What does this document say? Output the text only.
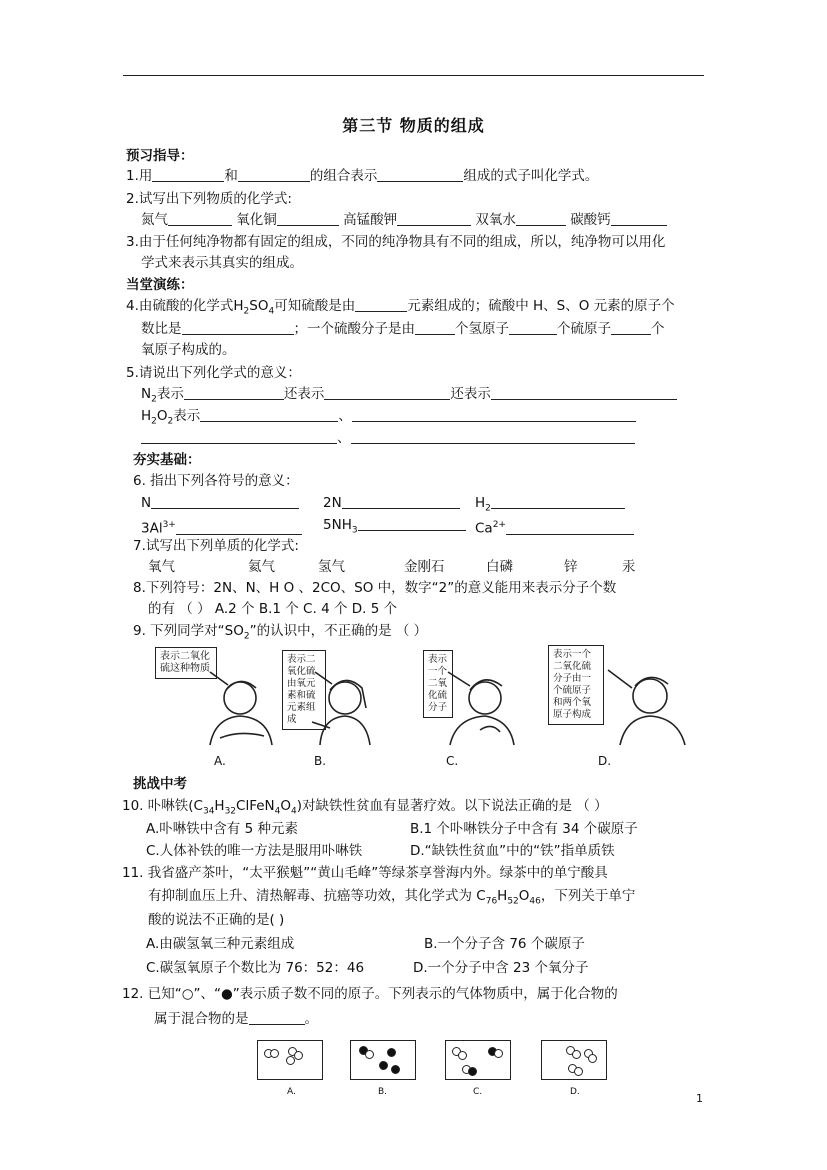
第三节 物质的组成
预习指导：
1.用	和	的组合表示	组成的式子叫化学式。
2.试写出下列物质的化学式:
氮气	氧化铜	高锰酸钾	双氧水	碳酸钙
3.由于任何纯净物都有固定的组成，不同的纯净物具有不同的组成，所以，纯净物可以用化
学式来表示其真实的组成。
当堂演练：
4.由硫酸的化学式$H_2SO_4$可知硫酸是由	元素组成的；硫酸中 H、S、O 元素的原子个
数比是	；一个硫酸分子是由	个氢原子	个硫原子	个
氧原子构成的。
5.请说出下列化学式的意义：
$N_2$表示	还表示	还表示
$H_2O_2$表示	、
、
夯实基础：
6. 指出下列各符号的意义：
N	2N	$H_2$
$3Al^{3+}$	$5NH_3$	$Ca^{2+}$
7.试写出下列单质的化学式:
氧气	氦气	氢气	金刚石	白磷	锌	汞
8.下列符号：2N、N、H O 、2CO、SO 中，数字“2”的意义能用来表示分子个数
的有 （ ） A.2 个 B.1 个 C. 4 个 D. 5 个
9. 下列同学对“$SO_2$”的认识中，不正确的是 （ ）
表示二氧化硫这种物质
表示二氧化硫由氧元素和硫元素组成
表示一个二氧化硫分子
表示一个二氧化硫分子由一个硫原子和两个氧原子构成
A.	B.	C.	D.
挑战中考
10. 卟啉铁$(C_{34}H_{32}ClFeN_4O_4)$对缺铁性贫血有显著疗效。以下说法正确的是 （ ）
A.卟啉铁中含有 5 种元素	B.1 个卟啉铁分子中含有 34 个碳原子
C.人体补铁的唯一方法是服用卟啉铁	D.“缺铁性贫血”中的“铁”指单质铁
11. 我省盛产茶叶，“太平猴魁”“黄山毛峰”等绿茶享誉海内外。绿茶中的单宁酸具
有抑制血压上升、清热解毒、抗癌等功效，其化学式为 $C_{76}H_{52}O_{46}$，下列关于单宁
酸的说法不正确的是( )
A.由碳氢氧三种元素组成	B.一个分子含 76 个碳原子
C.碳氢氧原子个数比为 76：52：46	D.一个分子中含 23 个氧分子
12. 已知“○”、“●”表示质子数不同的原子。下列表示的气体物质中，属于化合物的
属于混合物的是	。
A.	B.	C.	D.	1
